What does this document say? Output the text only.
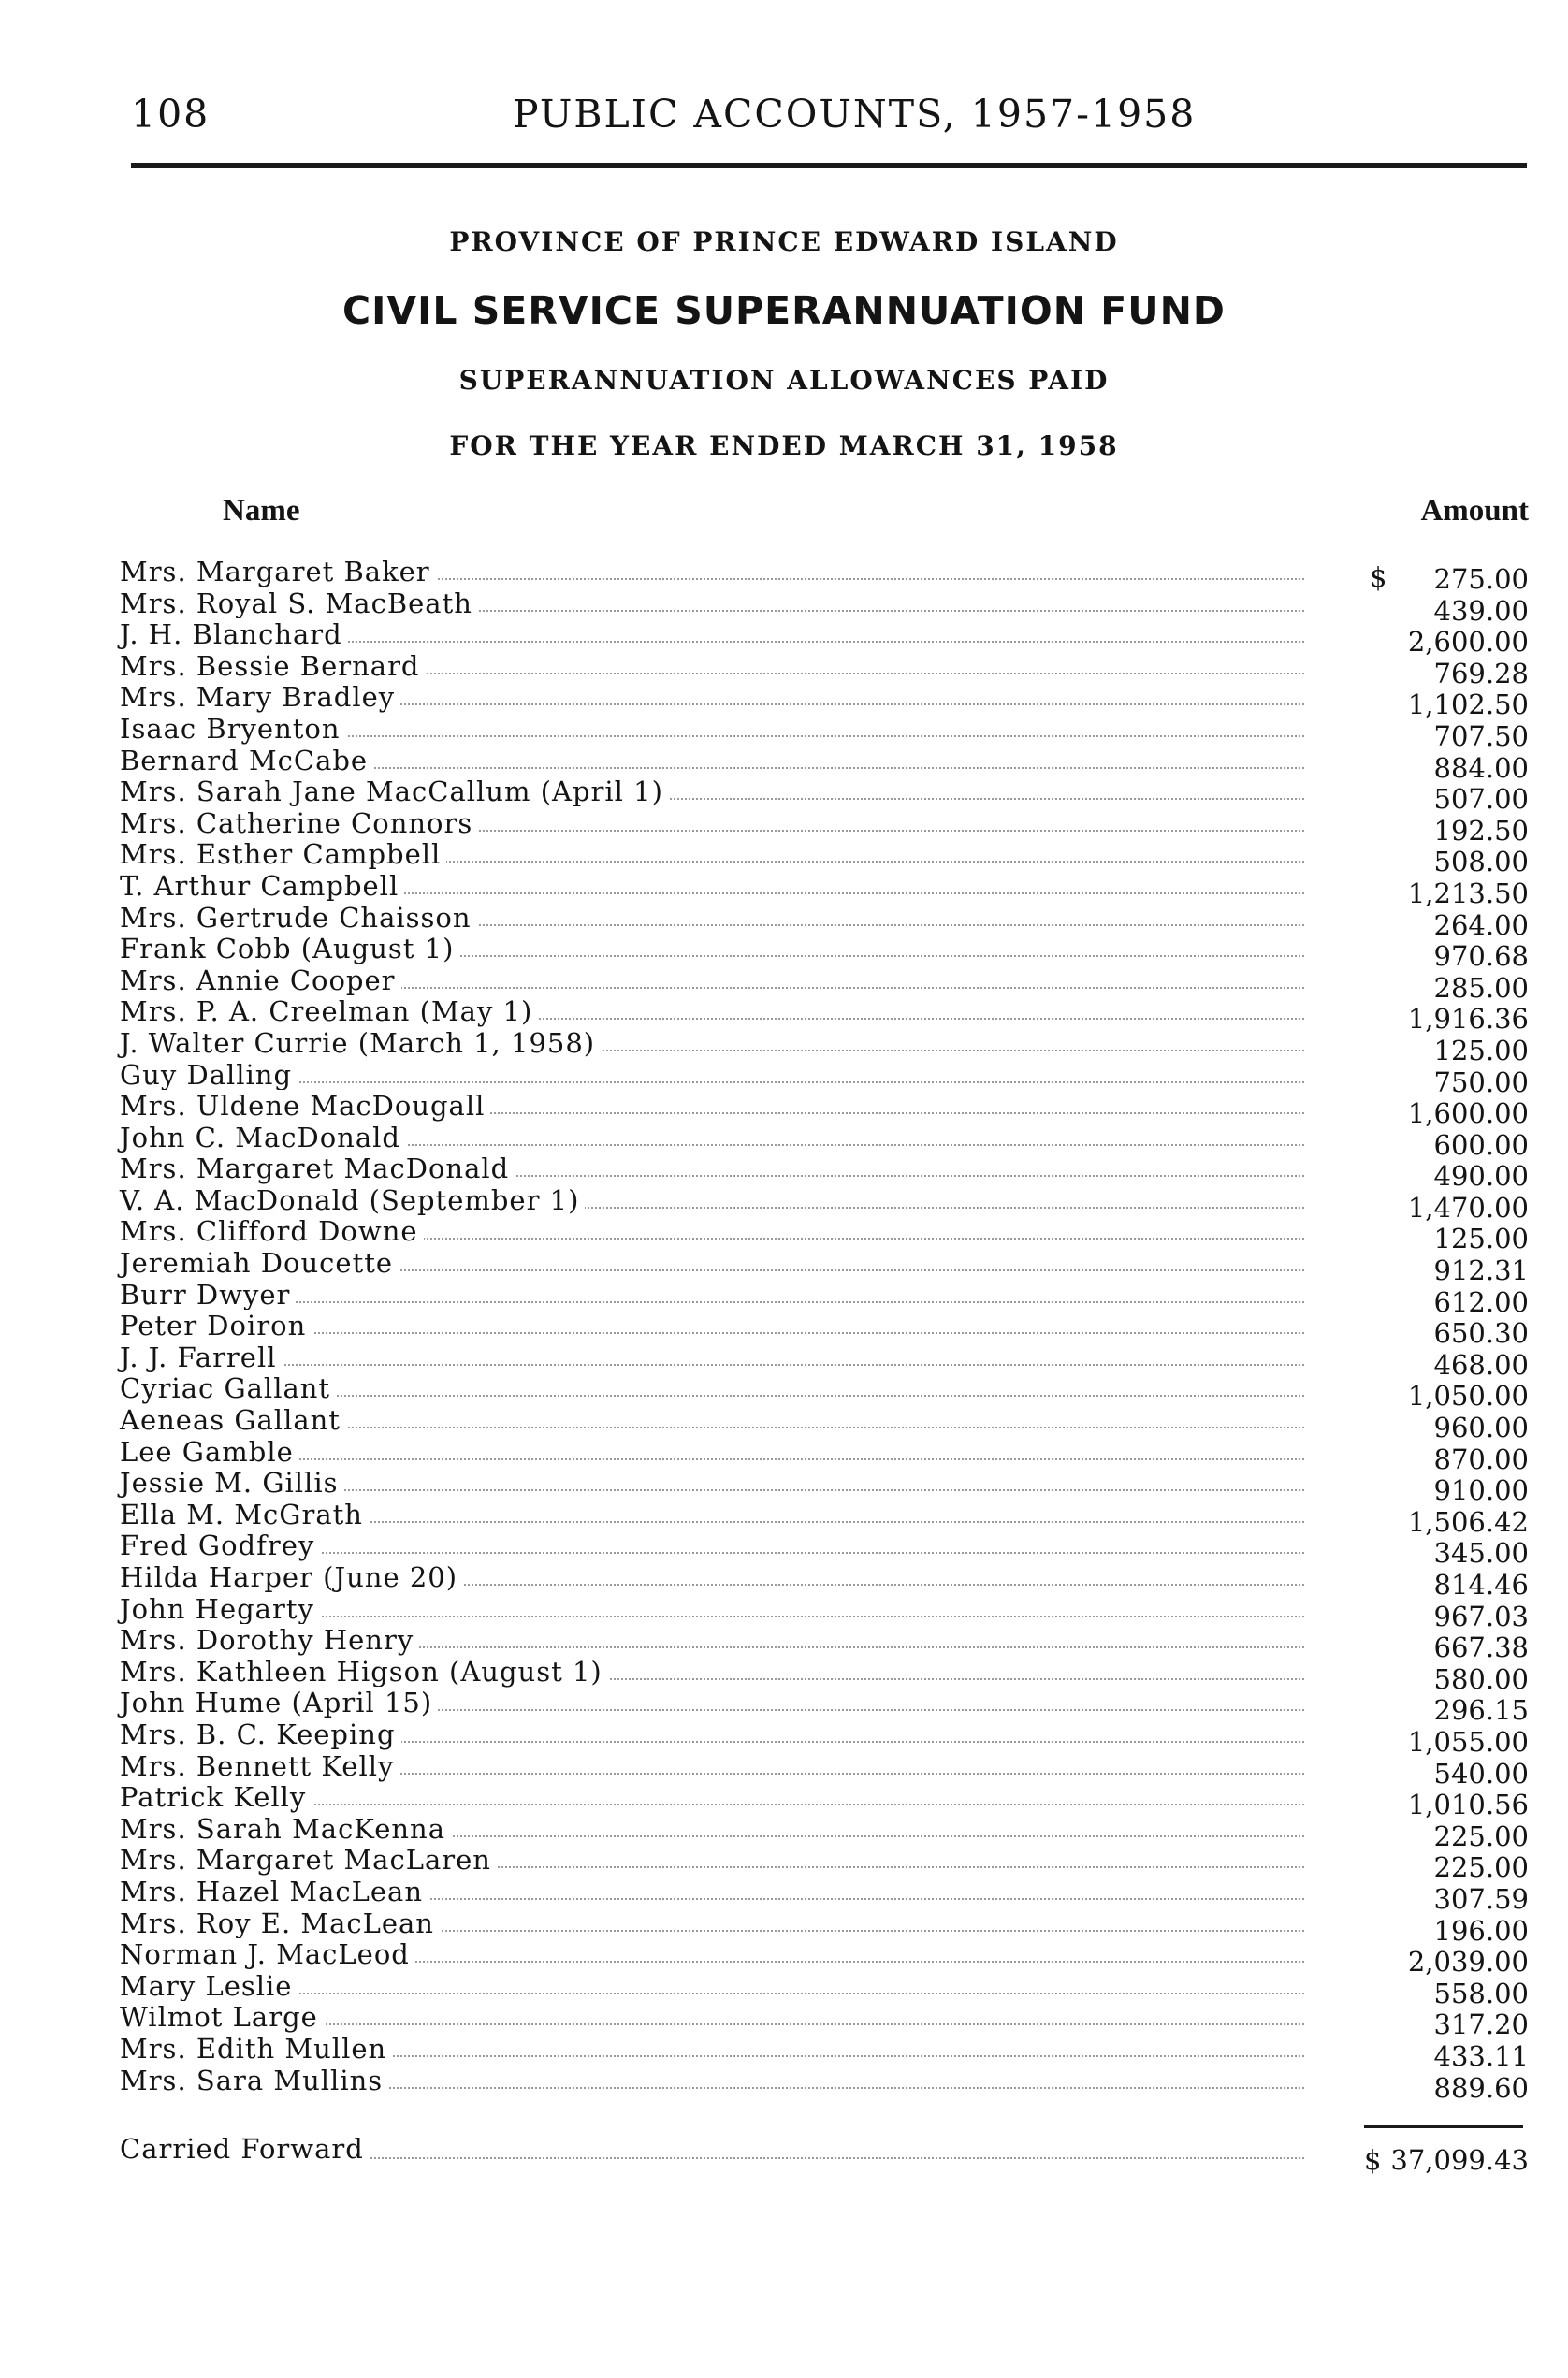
108	PUBLIC ACCOUNTS, 1957-1958
PROVINCE OF PRINCE EDWARD ISLAND
CIVIL SERVICE SUPERANNUATION FUND
SUPERANNUATION ALLOWANCES PAID
FOR THE YEAR ENDED MARCH 31, 1958
Name	Amount
$
Mrs. Margaret Baker	275.00
Mrs. Royal S. MacBeath	439.00
J. H. Blanchard	2,600.00
Mrs. Bessie Bernard	769.28
Mrs. Mary Bradley	1,102.50
Isaac Bryenton	707.50
Bernard McCabe	884.00
Mrs. Sarah Jane MacCallum (April 1)	507.00
Mrs. Catherine Connors	192.50
Mrs. Esther Campbell	508.00
T. Arthur Campbell	1,213.50
Mrs. Gertrude Chaisson	264.00
Frank Cobb (August 1)	970.68
Mrs. Annie Cooper	285.00
Mrs. P. A. Creelman (May 1)	1,916.36
J. Walter Currie (March 1, 1958)	125.00
Guy Dalling	750.00
Mrs. Uldene MacDougall	1,600.00
John C. MacDonald	600.00
Mrs. Margaret MacDonald	490.00
V. A. MacDonald (September 1)	1,470.00
Mrs. Clifford Downe	125.00
Jeremiah Doucette	912.31
Burr Dwyer	612.00
Peter Doiron	650.30
J. J. Farrell	468.00
Cyriac Gallant	1,050.00
Aeneas Gallant	960.00
Lee Gamble	870.00
Jessie M. Gillis	910.00
Ella M. McGrath	1,506.42
Fred Godfrey	345.00
Hilda Harper (June 20)	814.46
John Hegarty	967.03
Mrs. Dorothy Henry	667.38
Mrs. Kathleen Higson (August 1)	580.00
John Hume (April 15)	296.15
Mrs. B. C. Keeping	1,055.00
Mrs. Bennett Kelly	540.00
Patrick Kelly	1,010.56
Mrs. Sarah MacKenna	225.00
Mrs. Margaret MacLaren	225.00
Mrs. Hazel MacLean	307.59
Mrs. Roy E. MacLean	196.00
Norman J. MacLeod	2,039.00
Mary Leslie	558.00
Wilmot Large	317.20
Mrs. Edith Mullen	433.11
Mrs. Sara Mullins	889.60
Carried Forward	$ 37,099.43
